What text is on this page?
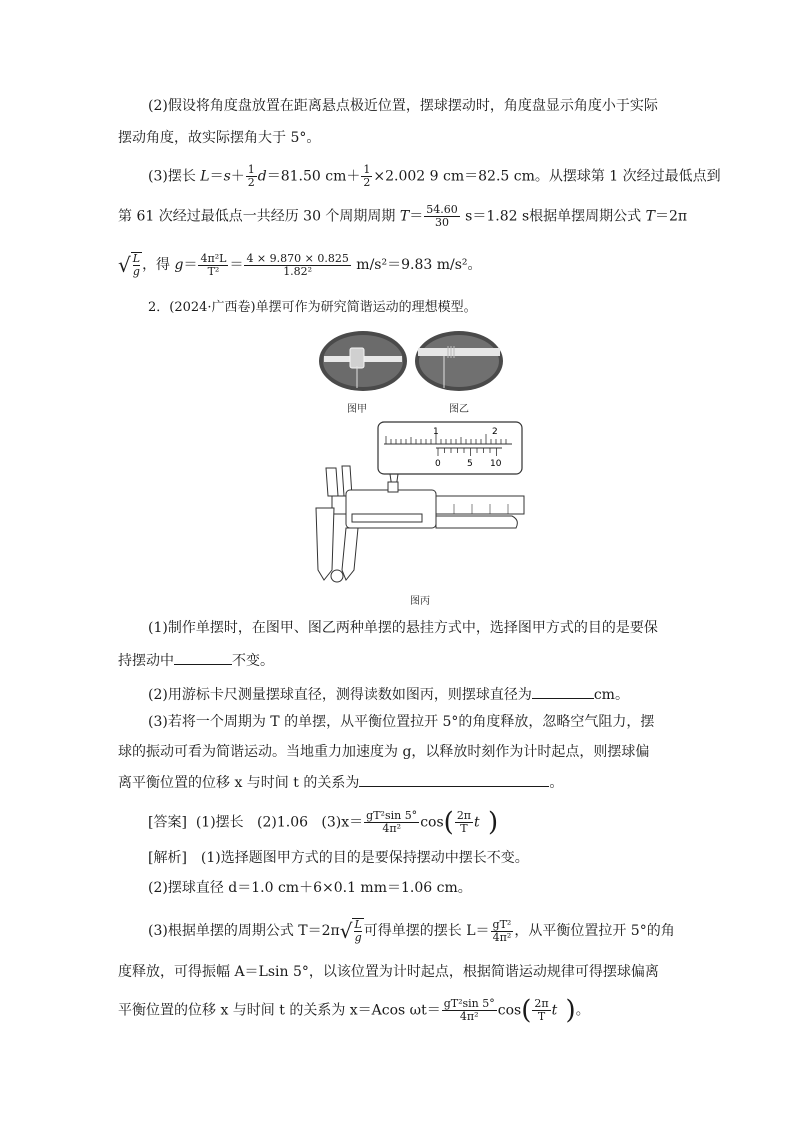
(2)假设将角度盘放置在距离悬点极近位置，摆球摆动时，角度盘显示角度小于实际
摆动角度，故实际摆角大于 5°。
(3)摆长 $L=s+ \frac{1}{2} d=81.50$ $cm+ \frac{1}{2} \times 2.002$ 9 cm＝82.5 cm。从摆球第 1 次经过最低点到
第 61 次经过最低点一共经历 30 个周期周期 $T= \frac{54.60}{30} s=1.82$ s根据单摆周期公式 T＝2π
√ $\frac{L}{g}$ ，得 $g= \frac{\text{4π²L}}{\text{T²}} = \frac{4 \times 9.870 \times 0.825}{\text{1.82²}} m/s^2=9.83$ m/s²。
2．(2024·广西卷)单摆可作为研究简谐运动的理想模型。
图甲	图乙
1	2
0	5 10
图丙
(1)制作单摆时，在图甲、图乙两种单摆的悬挂方式中，选择图甲方式的目的是要保
持摆动中	不变。
(2)用游标卡尺测量摆球直径，测得读数如图丙，则摆球直径为	cm。
(3)若将一个周期为 T 的单摆，从平衡位置拉开 5°的角度释放，忽略空气阻力，摆
球的振动可看为简谐运动。当地重力加速度为 g，以释放时刻作为计时起点，则摆球偏
离平衡位置的位移 x 与时间 t 的关系为	。
[答案] (1)摆长 (2)1.06 $(3)x= \frac{\text{gT²sin 5°}}{\text{4π²}} \cos( \frac{2\pi}{T}$ t )
[解析]　(1)选择题图甲方式的目的是要保持摆动中摆长不变。
(2)摆球直径 d＝1.0 cm＋6×0.1 mm＝1.06 cm。
(3)根据单摆的周期公式 $T=2\pi√ \frac{L}{g}$ 可得单摆的摆长 $L= \frac{\text{gT²}}{\text{4π²}}$ ，从平衡位置拉开 5°的角
度释放，可得振幅 A＝Lsin 5°，以该位置为计时起点，根据简谐运动规律可得摆球偏离
平衡位置的位移 x 与时间 t 的关系为 x＝Acos $\omega t= \frac{\text{gT²sin 5°}}{\text{4π²}} \cos( \frac{2\pi}{T}$ t )。
